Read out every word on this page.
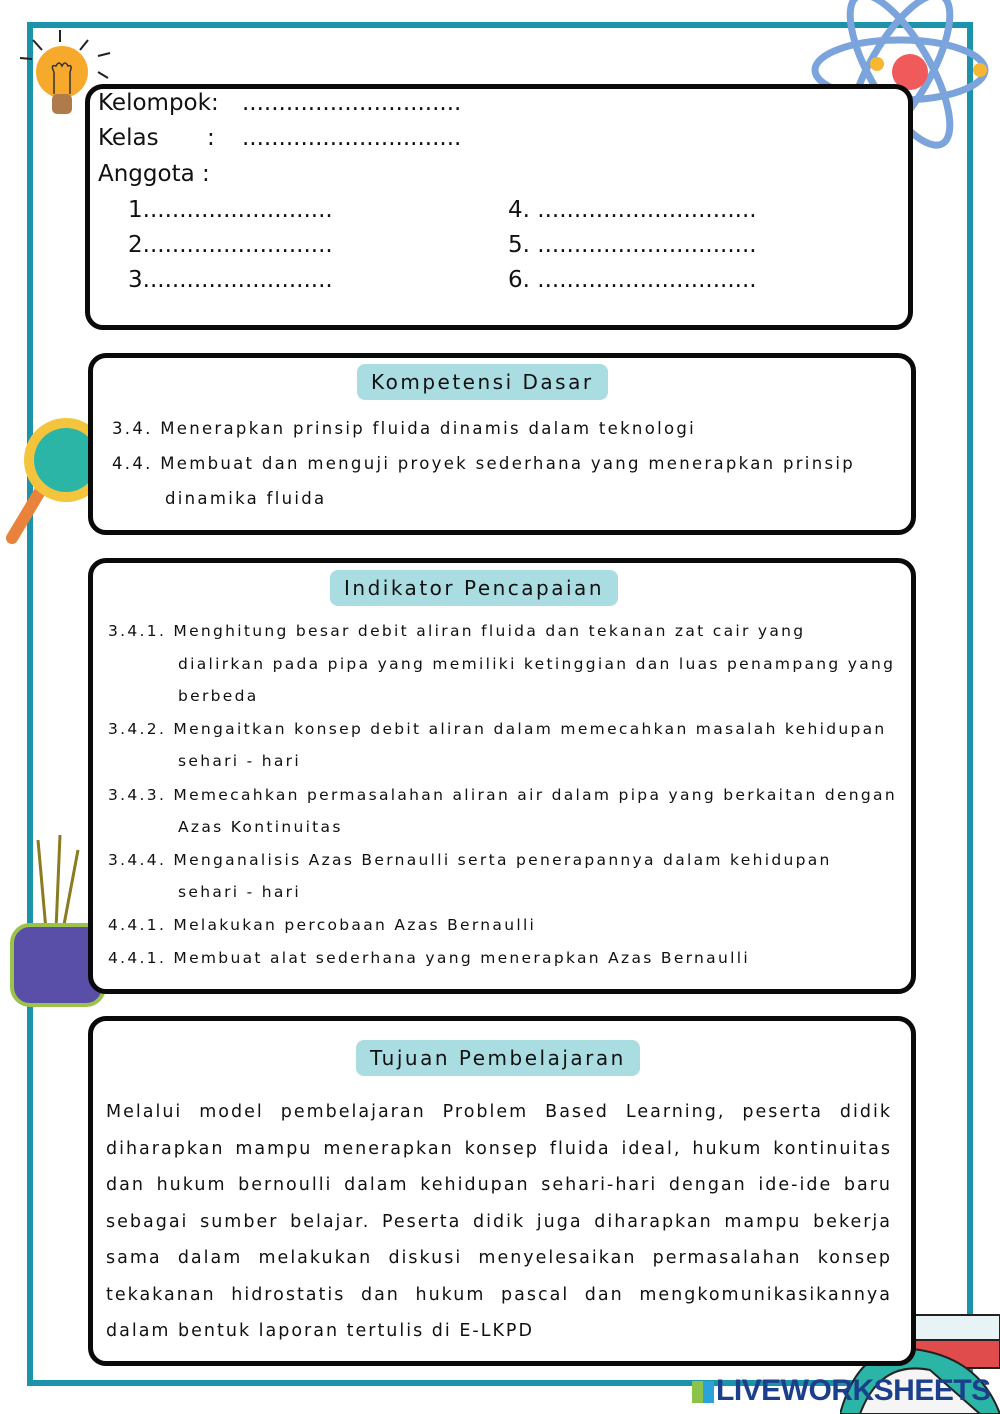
Kelompok: ..............................
Kelas : ..............................
Anggota :
1..........................
2..........................
3..........................
4. ..............................
5. ..............................
6. ..............................
Kompetensi Dasar
3.4. Menerapkan prinsip fluida dinamis dalam teknologi
4.4. Membuat dan menguji proyek sederhana yang menerapkan prinsip
dinamika fluida
Indikator Pencapaian
3.4.1. Menghitung besar debit aliran fluida dan tekanan zat cair yang
dialirkan pada pipa yang memiliki ketinggian dan luas penampang yang
berbeda
3.4.2. Mengaitkan konsep debit aliran dalam memecahkan masalah kehidupan
sehari - hari
3.4.3. Memecahkan permasalahan aliran air dalam pipa yang berkaitan dengan
Azas Kontinuitas
3.4.4. Menganalisis Azas Bernaulli serta penerapannya dalam kehidupan
sehari - hari
4.4.1. Melakukan percobaan Azas Bernaulli
4.4.1. Membuat alat sederhana yang menerapkan Azas Bernaulli
Tujuan Pembelajaran

Melalui model pembelajaran Problem Based Learning, peserta didik diharapkan mampu menerapkan konsep fluida ideal, hukum kontinuitas dan hukum bernoulli dalam kehidupan sehari-hari dengan ide-ide baru sebagai sumber belajar. Peserta didik juga diharapkan mampu bekerja sama dalam melakukan diskusi menyelesaikan permasalahan konsep tekakanan hidrostatis dan hukum pascal dan mengkomunikasikannya dalam bentuk laporan tertulis di E-LKPD

LIVEWORKSHEETS
